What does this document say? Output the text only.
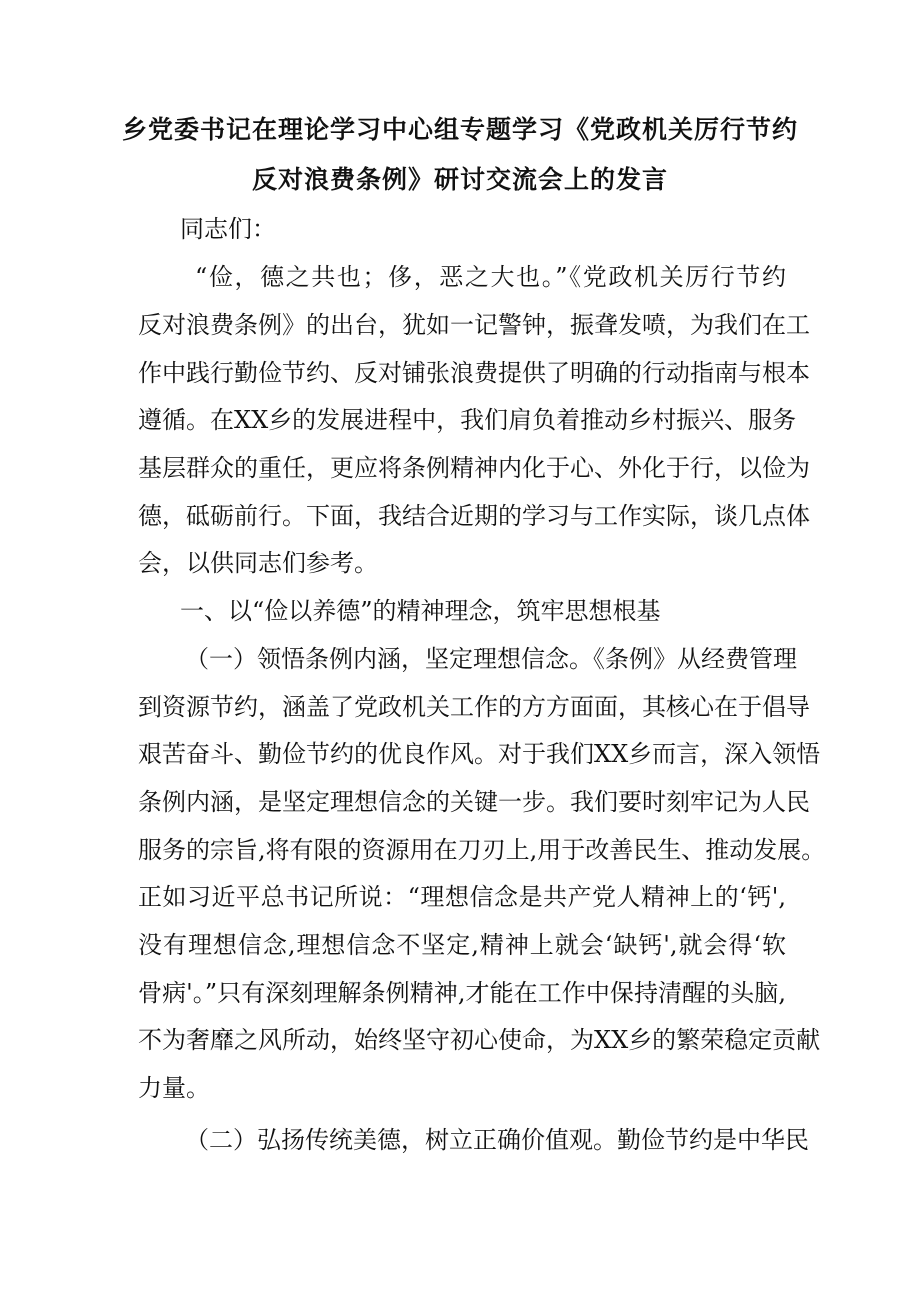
乡党委书记在理论学习中心组专题学习《党政机关厉行节约
反对浪费条例》研讨交流会上的发言
同志们：
“俭，德之共也；侈，恶之大也。”《党政机关厉行节约
反对浪费条例》的出台，犹如一记警钟，振聋发喷，为我们在工
作中践行勤俭节约、反对铺张浪费提供了明确的行动指南与根本
遵循。在XX乡的发展进程中，我们肩负着推动乡村振兴、服务
基层群众的重任，更应将条例精神内化于心、外化于行，以俭为
德，砥砺前行。下面，我结合近期的学习与工作实际，谈几点体
会，以供同志们参考。
一、以“俭以养德”的精神理念，筑牢思想根基
（一）领悟条例内涵，坚定理想信念。《条例》从经费管理
到资源节约，涵盖了党政机关工作的方方面面，其核心在于倡导
艰苦奋斗、勤俭节约的优良作风。对于我们XX乡而言，深入领悟
条例内涵，是坚定理想信念的关键一步。我们要时刻牢记为人民
服务的宗旨,将有限的资源用在刀刃上,用于改善民生、推动发展。
正如习近平总书记所说：“理想信念是共产党人精神上的‘钙',
没有理想信念,理想信念不坚定,精神上就会‘缺钙',就会得‘软
骨病'。”只有深刻理解条例精神,才能在工作中保持清醒的头脑,
不为奢靡之风所动，始终坚守初心使命，为XX乡的繁荣稳定贡献
力量。
（二）弘扬传统美德，树立正确价值观。勤俭节约是中华民
